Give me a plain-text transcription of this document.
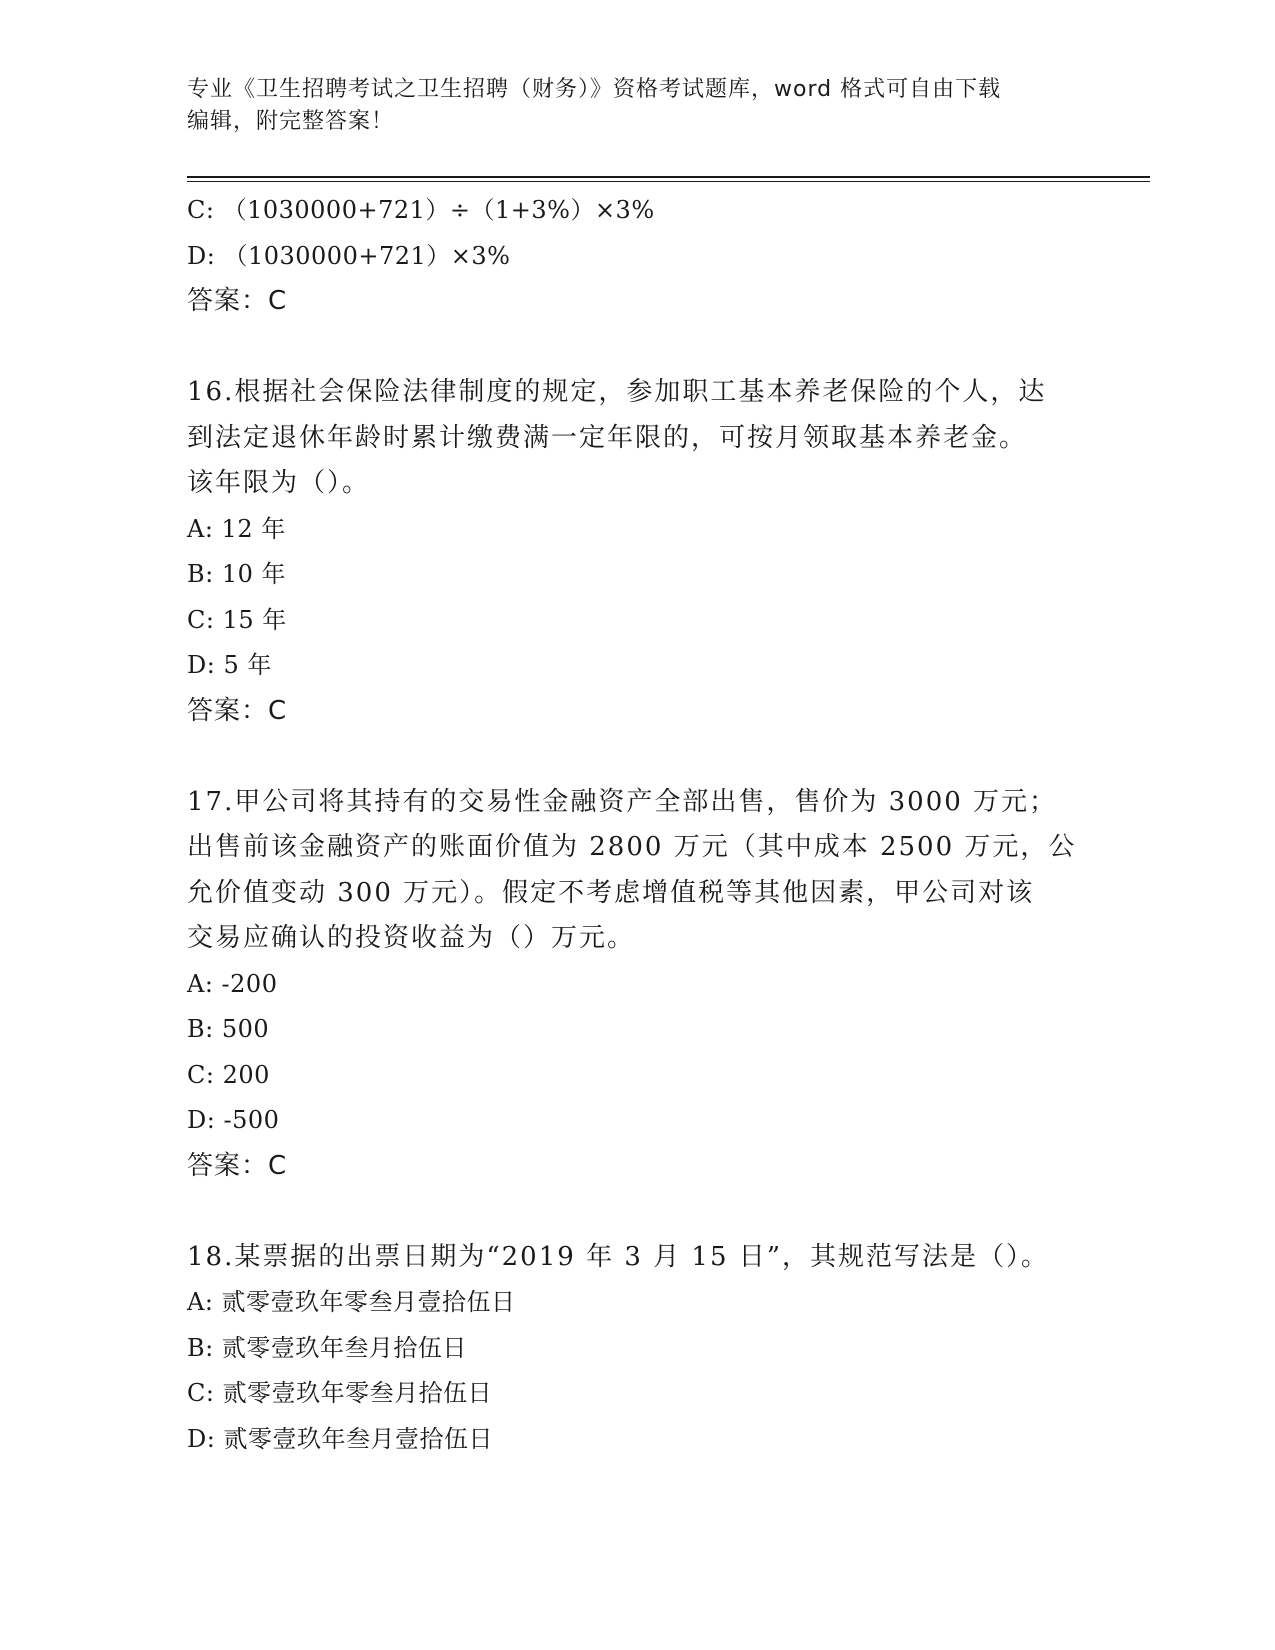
专业《卫生招聘考试之卫生招聘（财务）》资格考试题库，word 格式可自由下载
编辑，附完整答案！
C: （1030000+721）÷（1+3%）×3%
D: （1030000+721）×3%
答案：C
16.根据社会保险法律制度的规定，参加职工基本养老保险的个人，达
到法定退休年龄时累计缴费满一定年限的，可按月领取基本养老金。
该年限为（）。
A: 12 年
B: 10 年
C: 15 年
D: 5 年
答案：C
17.甲公司将其持有的交易性金融资产全部出售，售价为 3000 万元；
出售前该金融资产的账面价值为 2800 万元（其中成本 2500 万元，公
允价值变动 300 万元）。假定不考虑增值税等其他因素，甲公司对该
交易应确认的投资收益为（）万元。
A: -200
B: 500
C: 200
D: -500
答案：C
18.某票据的出票日期为“2019 年 3 月 15 日”，其规范写法是（）。
A: 贰零壹玖年零叁月壹拾伍日
B: 贰零壹玖年叁月拾伍日
C: 贰零壹玖年零叁月拾伍日
D: 贰零壹玖年叁月壹拾伍日
